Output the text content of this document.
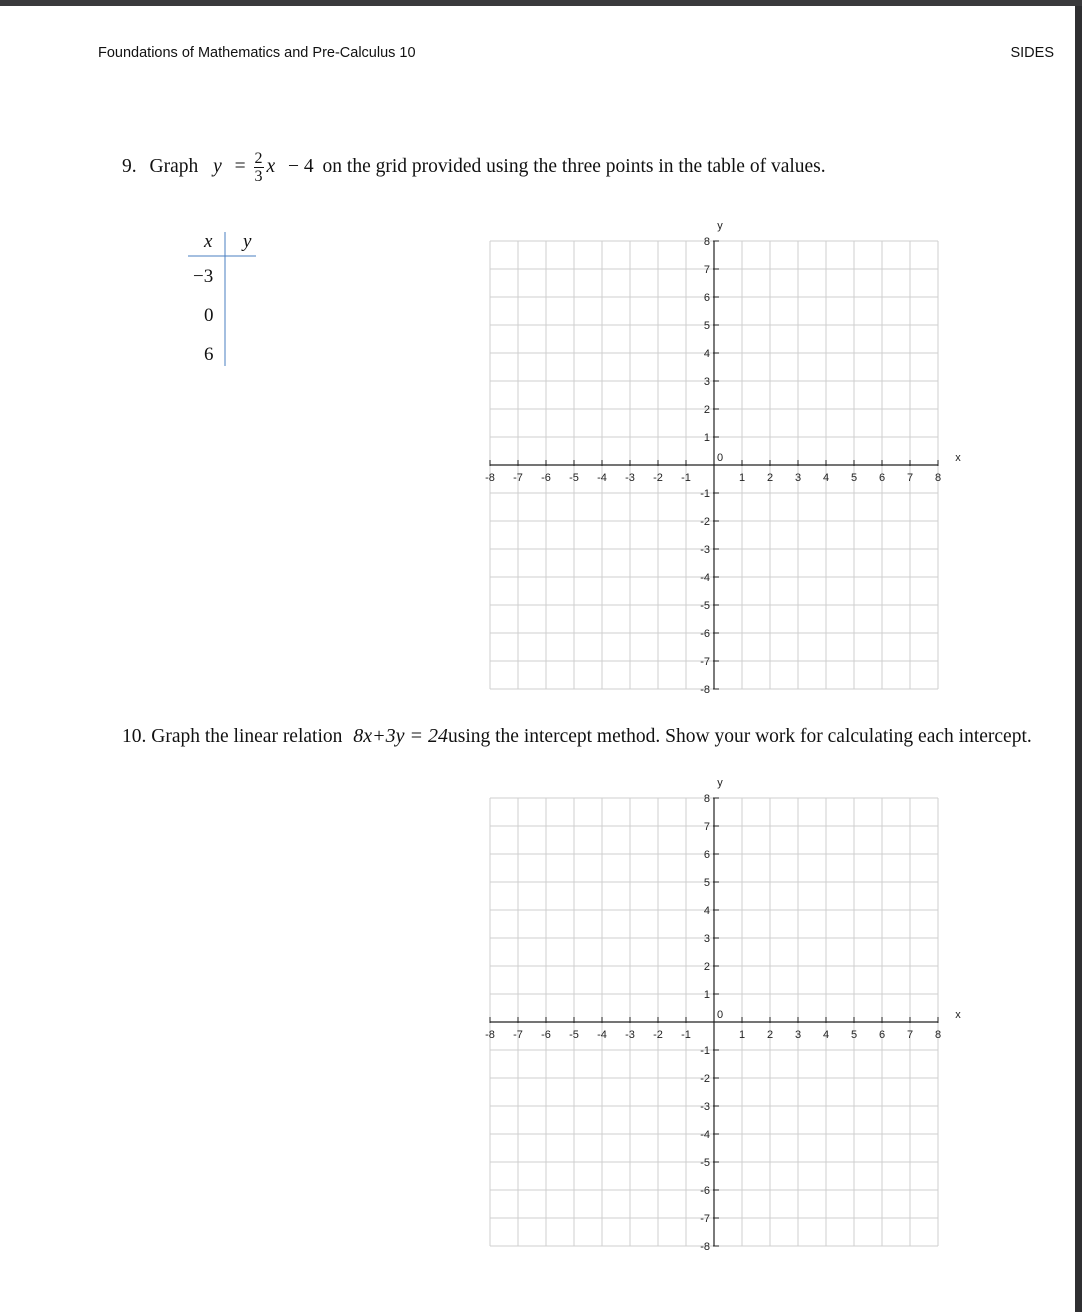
Foundations of Mathematics and Pre-Calculus 10	SIDES
9. Graph $y = \frac{2}{3}$ x − 4 on the grid provided using the three points in the table of values.
x y
−3
0
6
-8 -7 -6 -5 -4 -3 -2 -1	1 2 3 4 5 6 7 8
8
7
6
5
4
3
2
1
-1
-2
-3
-4
-5
-6
-7
-8
0	x
y
10. Graph the linear relation 8x+3y = 24using the intercept method. Show your work for calculating each intercept.
-8 -7 -6 -5 -4 -3 -2 -1	1 2 3 4 5 6 7 8
8
7
6
5
4
3
2
1
-1
-2
-3
-4
-5
-6
-7
-8
0	x
y
